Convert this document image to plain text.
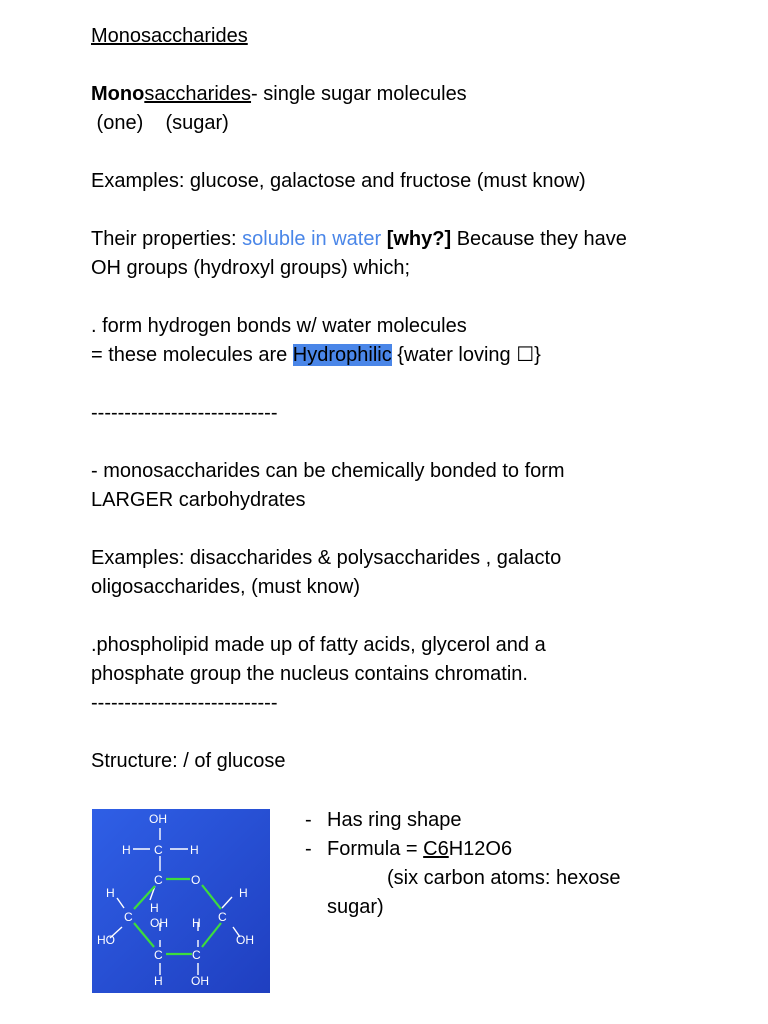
Monosaccharides
Monosaccharides- single sugar molecules
(one)    (sugar)
Examples: glucose, galactose and fructose (must know)
Their properties: soluble in water [why?] Because they have
OH groups (hydroxyl groups) which;
. form hydrogen bonds w/ water molecules
= these molecules are Hydrophilic {water loving ☐}
----------------------------
- monosaccharides can be chemically bonded to form
LARGER carbohydrates
Examples: disaccharides & polysaccharides , galacto
oligosaccharides, (must know)
.phospholipid made up of fatty acids, glycerol and a
phosphate group the nucleus contains chromatin.
----------------------------
Structure: / of glucose
OH
H C H
C O
H
H	H
C	C
OH H
HO	OH
C C
H OH
- Has ring shape
- Formula = C6H12O6
(six carbon atoms: hexose
sugar)
